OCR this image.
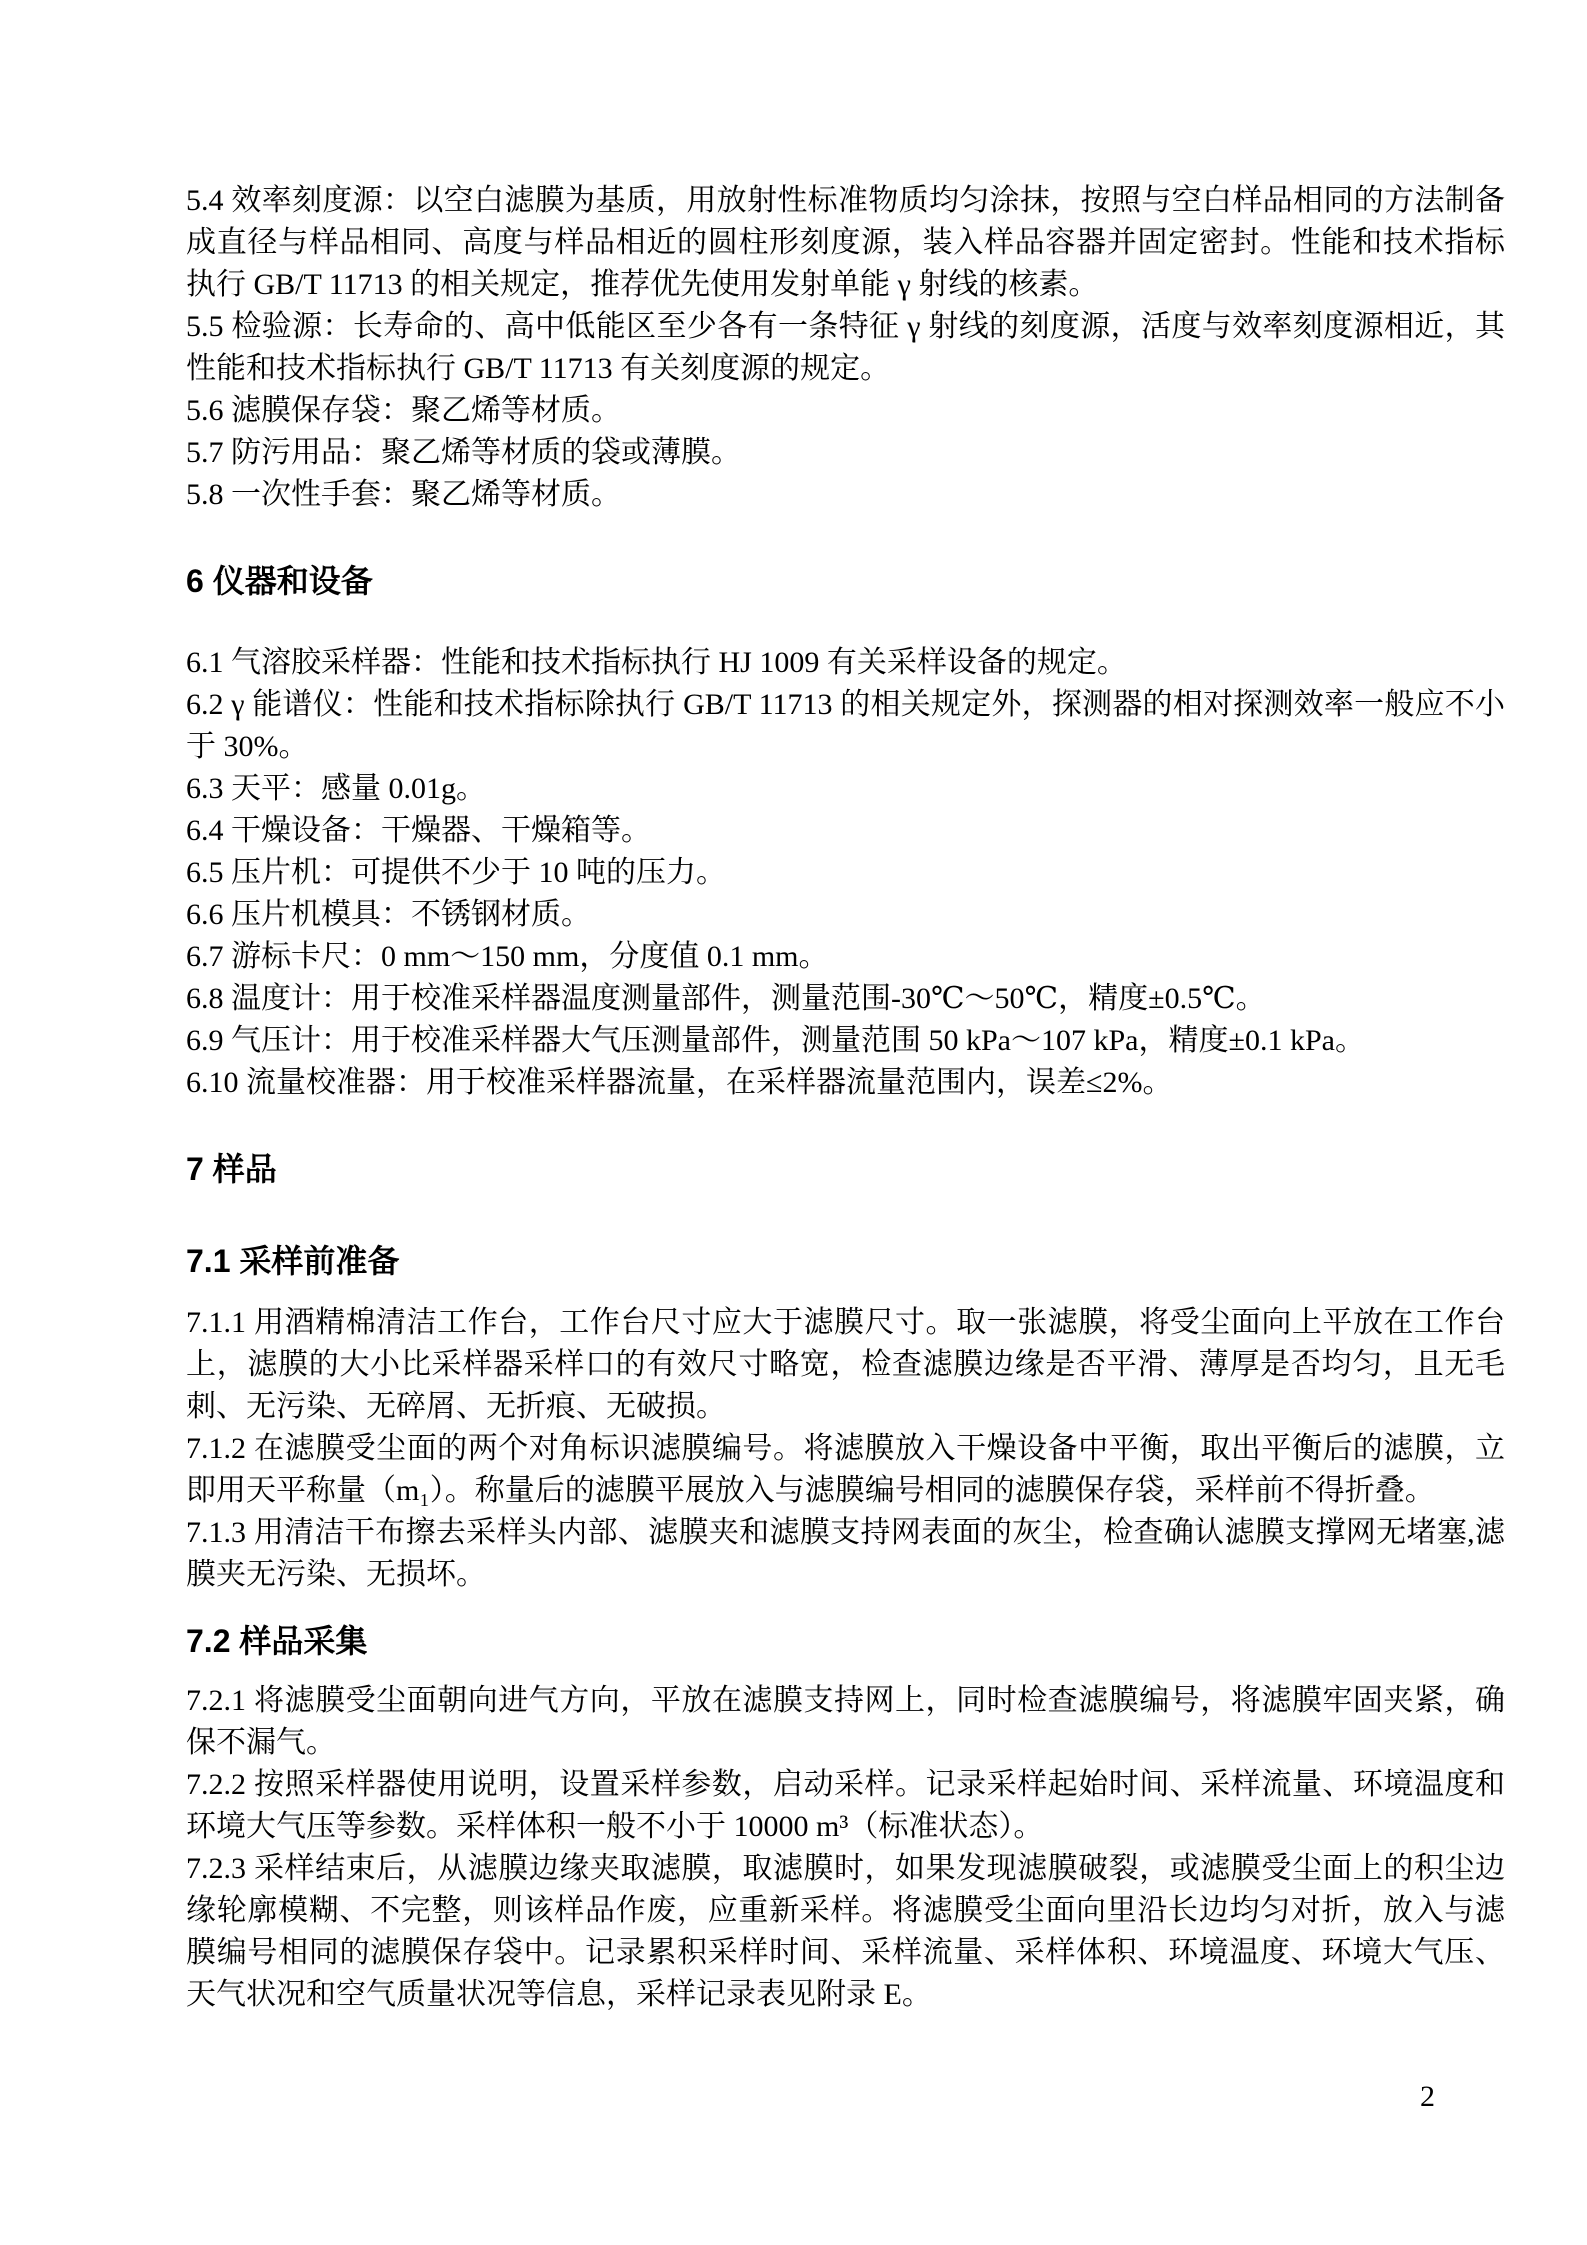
5.4 效率刻度源：以空白滤膜为基质，用放射性标准物质均匀涂抹，按照与空白样品相同的方法制备成直径与样品相同、高度与样品相近的圆柱形刻度源，装入样品容器并固定密封。性能和技术指标执行 GB/T 11713 的相关规定，推荐优先使用发射单能 γ 射线的核素。

5.5 检验源：长寿命的、高中低能区至少各有一条特征 γ 射线的刻度源，活度与效率刻度源相近，其性能和技术指标执行 GB/T 11713 有关刻度源的规定。

5.6 滤膜保存袋：聚乙烯等材质。

5.7 防污用品：聚乙烯等材质的袋或薄膜。

5.8 一次性手套：聚乙烯等材质。

6 仪器和设备

6.1 气溶胶采样器：性能和技术指标执行 HJ 1009 有关采样设备的规定。

6.2 γ 能谱仪：性能和技术指标除执行 GB/T 11713 的相关规定外，探测器的相对探测效率一般应不小于 30%。

6.3 天平：感量 0.01g。

6.4 干燥设备：干燥器、干燥箱等。

6.5 压片机：可提供不少于 10 吨的压力。

6.6 压片机模具：不锈钢材质。

6.7 游标卡尺：0 mm～150 mm，分度值 0.1 mm。

6.8 温度计：用于校准采样器温度测量部件，测量范围-30℃～50℃，精度±0.5℃。

6.9 气压计：用于校准采样器大气压测量部件，测量范围 50 kPa～107 kPa，精度±0.1 kPa。

6.10 流量校准器：用于校准采样器流量，在采样器流量范围内，误差≤2%。

7 样品
7.1 采样前准备

7.1.1 用酒精棉清洁工作台，工作台尺寸应大于滤膜尺寸。取一张滤膜，将受尘面向上平放在工作台上，滤膜的大小比采样器采样口的有效尺寸略宽，检查滤膜边缘是否平滑、薄厚是否均匀，且无毛刺、无污染、无碎屑、无折痕、无破损。

7.1.2 在滤膜受尘面的两个对角标识滤膜编号。将滤膜放入干燥设备中平衡，取出平衡后的滤膜，立即用天平称量（m₁）。称量后的滤膜平展放入与滤膜编号相同的滤膜保存袋，采样前不得折叠。

7.1.3 用清洁干布擦去采样头内部、滤膜夹和滤膜支持网表面的灰尘，检查确认滤膜支撑网无堵塞,滤膜夹无污染、无损坏。

7.2 样品采集

7.2.1 将滤膜受尘面朝向进气方向，平放在滤膜支持网上，同时检查滤膜编号，将滤膜牢固夹紧，确保不漏气。

7.2.2 按照采样器使用说明，设置采样参数，启动采样。记录采样起始时间、采样流量、环境温度和环境大气压等参数。采样体积一般不小于 10000 m³（标准状态）。

7.2.3 采样结束后，从滤膜边缘夹取滤膜，取滤膜时，如果发现滤膜破裂，或滤膜受尘面上的积尘边缘轮廓模糊、不完整，则该样品作废，应重新采样。将滤膜受尘面向里沿长边均匀对折，放入与滤膜编号相同的滤膜保存袋中。记录累积采样时间、采样流量、采样体积、环境温度、环境大气压、天气状况和空气质量状况等信息，采样记录表见附录 E。

2
